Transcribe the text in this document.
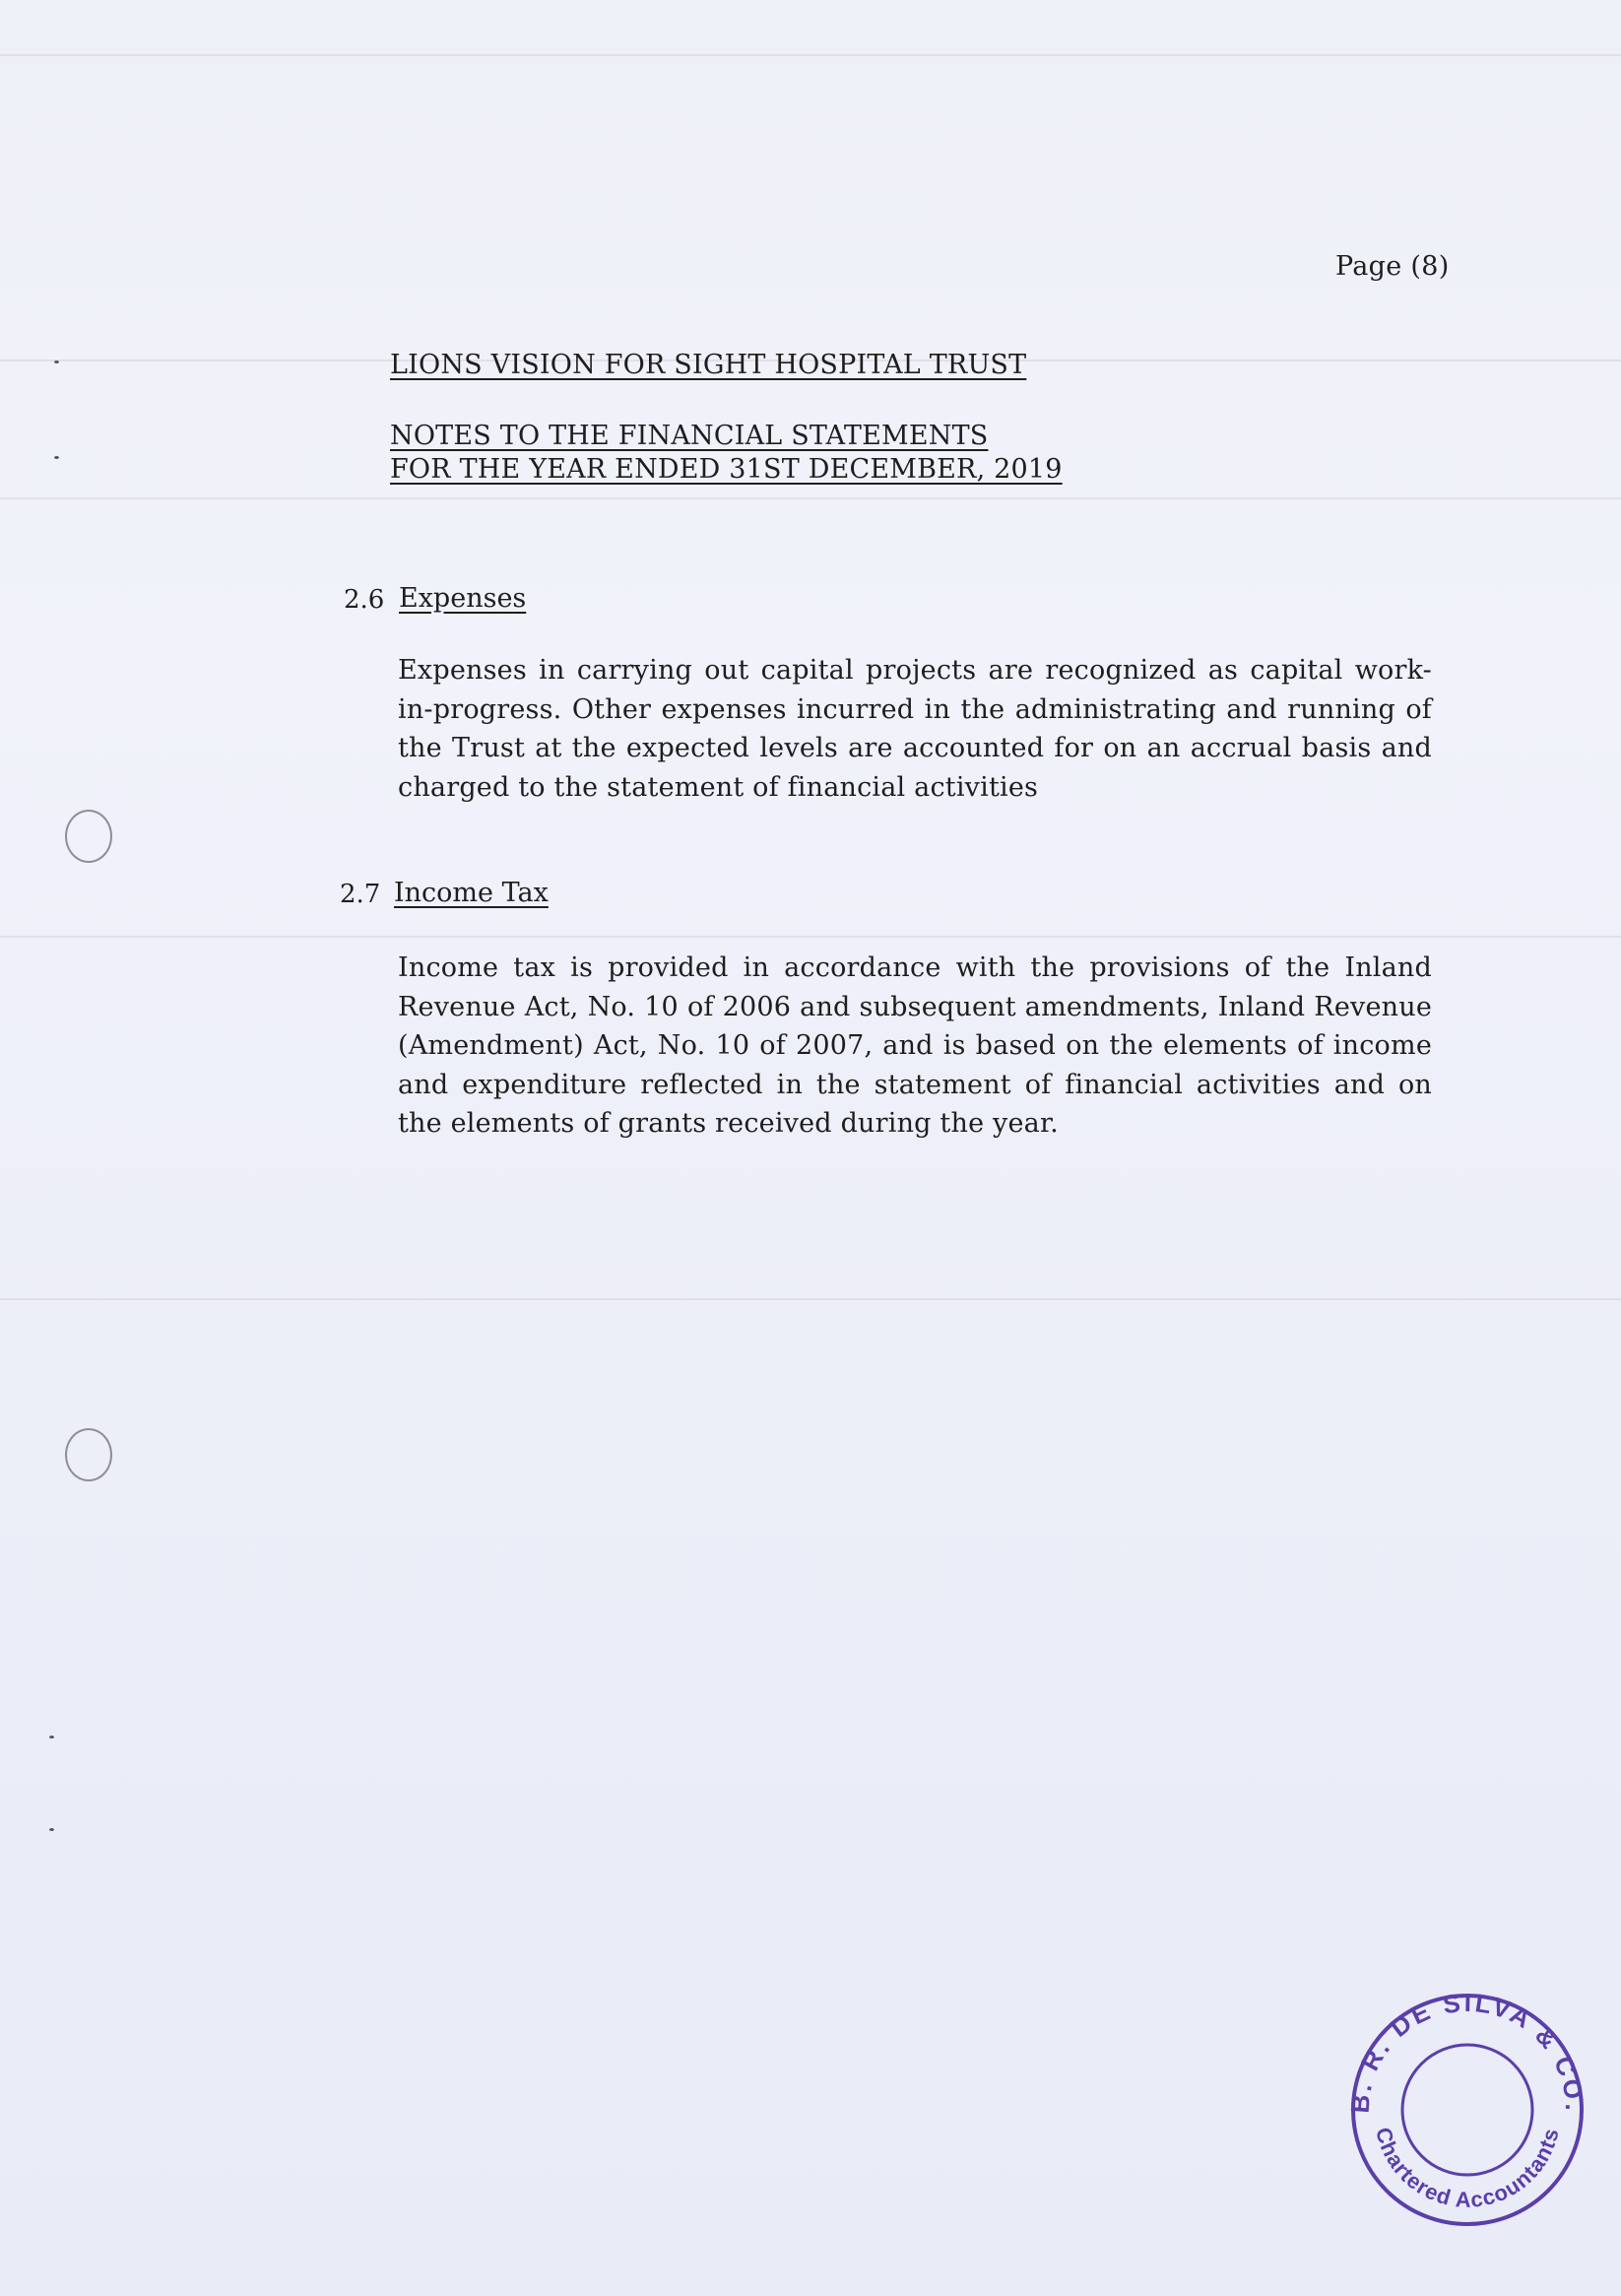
Page (8)
LIONS VISION FOR SIGHT HOSPITAL TRUST
NOTES TO THE FINANCIAL STATEMENTS
FOR THE YEAR ENDED 31ST DECEMBER, 2019
2.6 Expenses
Expenses in carrying out capital projects are recognized as capital work-in-progress. Other expenses incurred in the administrating and running of the Trust at the expected levels are accounted for on an accrual basis and charged to the statement of financial activities
2.7 Income Tax
Income tax is provided in accordance with the provisions of the Inland Revenue Act, No. 10 of 2006 and subsequent amendments, Inland Revenue (Amendment) Act, No. 10 of 2007, and is based on the elements of income and expenditure reflected in the statement of financial activities and on the elements of grants received during the year.
B. R. DE SILVA & CO.
Chartered Accountants
